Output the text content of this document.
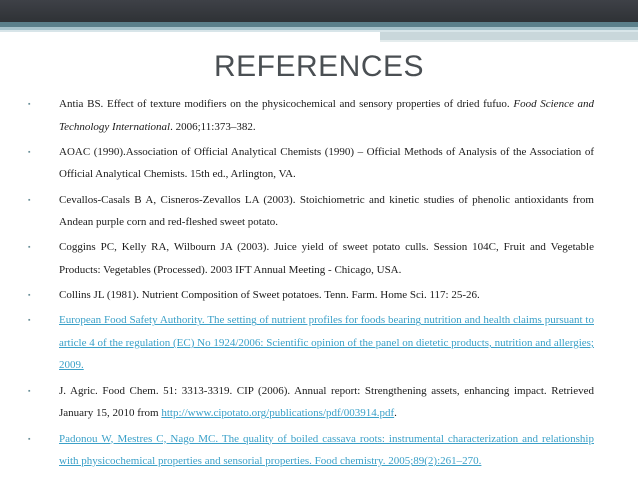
REFERENCES
▪	Antia BS. Effect of texture modifiers on the physicochemical and sensory properties of dried fufuo. Food Science and Technology International. 2006;11:373–382.
▪	AOAC (1990).Association of Official Analytical Chemists (1990) – Official Methods of Analysis of the Association of Official Analytical Chemists. 15th ed., Arlington, VA.
▪	Cevallos-Casals B A, Cisneros-Zevallos LA (2003). Stoichiometric and kinetic studies of phenolic antioxidants from Andean purple corn and red-fleshed sweet potato.
▪	Coggins PC, Kelly RA, Wilbourn JA (2003). Juice yield of sweet potato culls. Session 104C, Fruit and Vegetable Products: Vegetables (Processed). 2003 IFT Annual Meeting - Chicago, USA.
▪	Collins JL (1981). Nutrient Composition of Sweet potatoes. Tenn. Farm. Home Sci. 117: 25-26.
▪	European Food Safety Authority. The setting of nutrient profiles for foods bearing nutrition and health claims pursuant to article 4 of the regulation (EC) No 1924/2006: Scientific opinion of the panel on dietetic products, nutrition and allergies; 2009.
▪	J. Agric. Food Chem. 51: 3313-3319. CIP (2006). Annual report: Strengthening assets, enhancing impact. Retrieved January 15, 2010 from http://www.cipotato.org/publications/pdf/003914.pdf.
▪	Padonou W, Mestres C, Nago MC. The quality of boiled cassava roots: instrumental characterization and relationship with physicochemical properties and sensorial properties. Food chemistry. 2005;89(2):261–270.
